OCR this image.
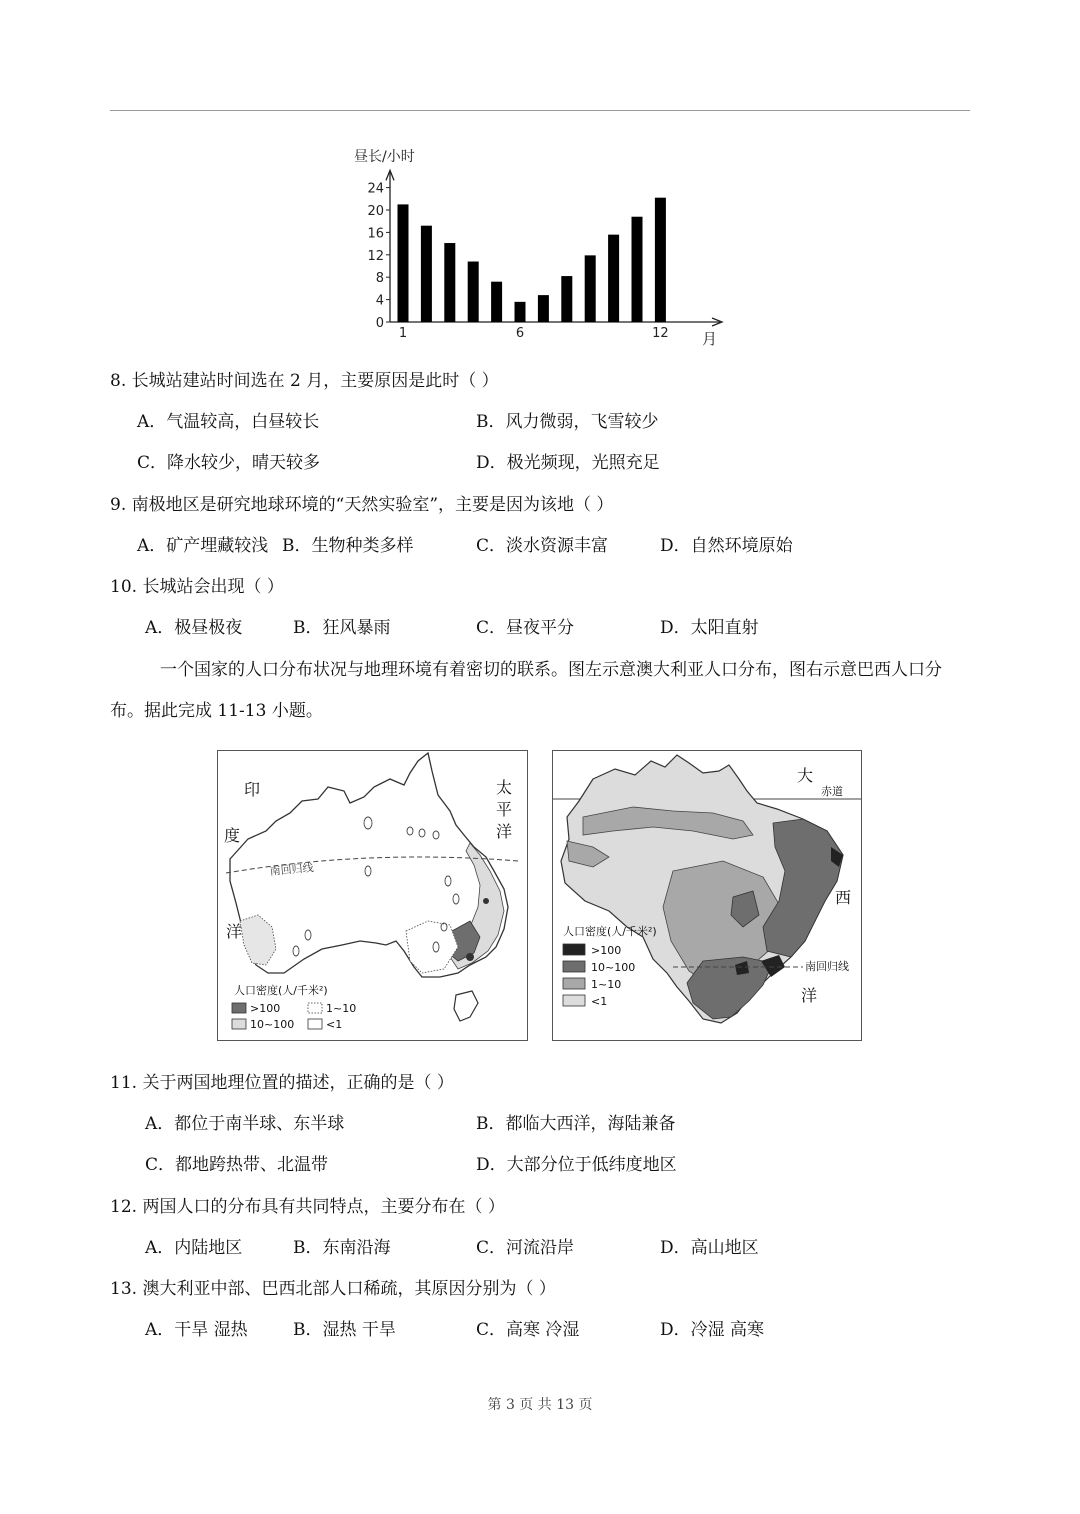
昼长/小时
0
4
8
12
16
20
24
1	6	12 月
8. 长城站建站时间选在 2 月，主要原因是此时（ ）
A．气温较高，白昼较长	B．风力微弱，飞雪较少
C．降水较少，晴天较多	D．极光频现，光照充足
9. 南极地区是研究地球环境的“天然实验室”，主要是因为该地（ ）
A．矿产埋藏较浅 B．生物种类多样	C．淡水资源丰富	D．自然环境原始
10. 长城站会出现（ ）
A．极昼极夜	B．狂风暴雨	C．昼夜平分	D．太阳直射
一个国家的人口分布状况与地理环境有着密切的联系。图左示意澳大利亚人口分布，图右示意巴西人口分布。据此完成 11-13 小题。
南回归线
印
度
洋
太
平
洋
人口密度(人/千米²)
>100	1~10
10~100	<1
赤道
南回归线
大
西
洋
人口密度(人/千米²)
>100
10~100
1~10
<1
11. 关于两国地理位置的描述，正确的是（ ）
A．都位于南半球、东半球	B．都临大西洋，海陆兼备
C．都地跨热带、北温带	D．大部分位于低纬度地区
12. 两国人口的分布具有共同特点，主要分布在（ ）
A．内陆地区	B．东南沿海	C．河流沿岸	D．高山地区
13. 澳大利亚中部、巴西北部人口稀疏，其原因分别为（ ）
A．干旱 湿热	B．湿热 干旱	C．高寒 冷湿	D．冷湿 高寒
第 3 页 共 13 页
